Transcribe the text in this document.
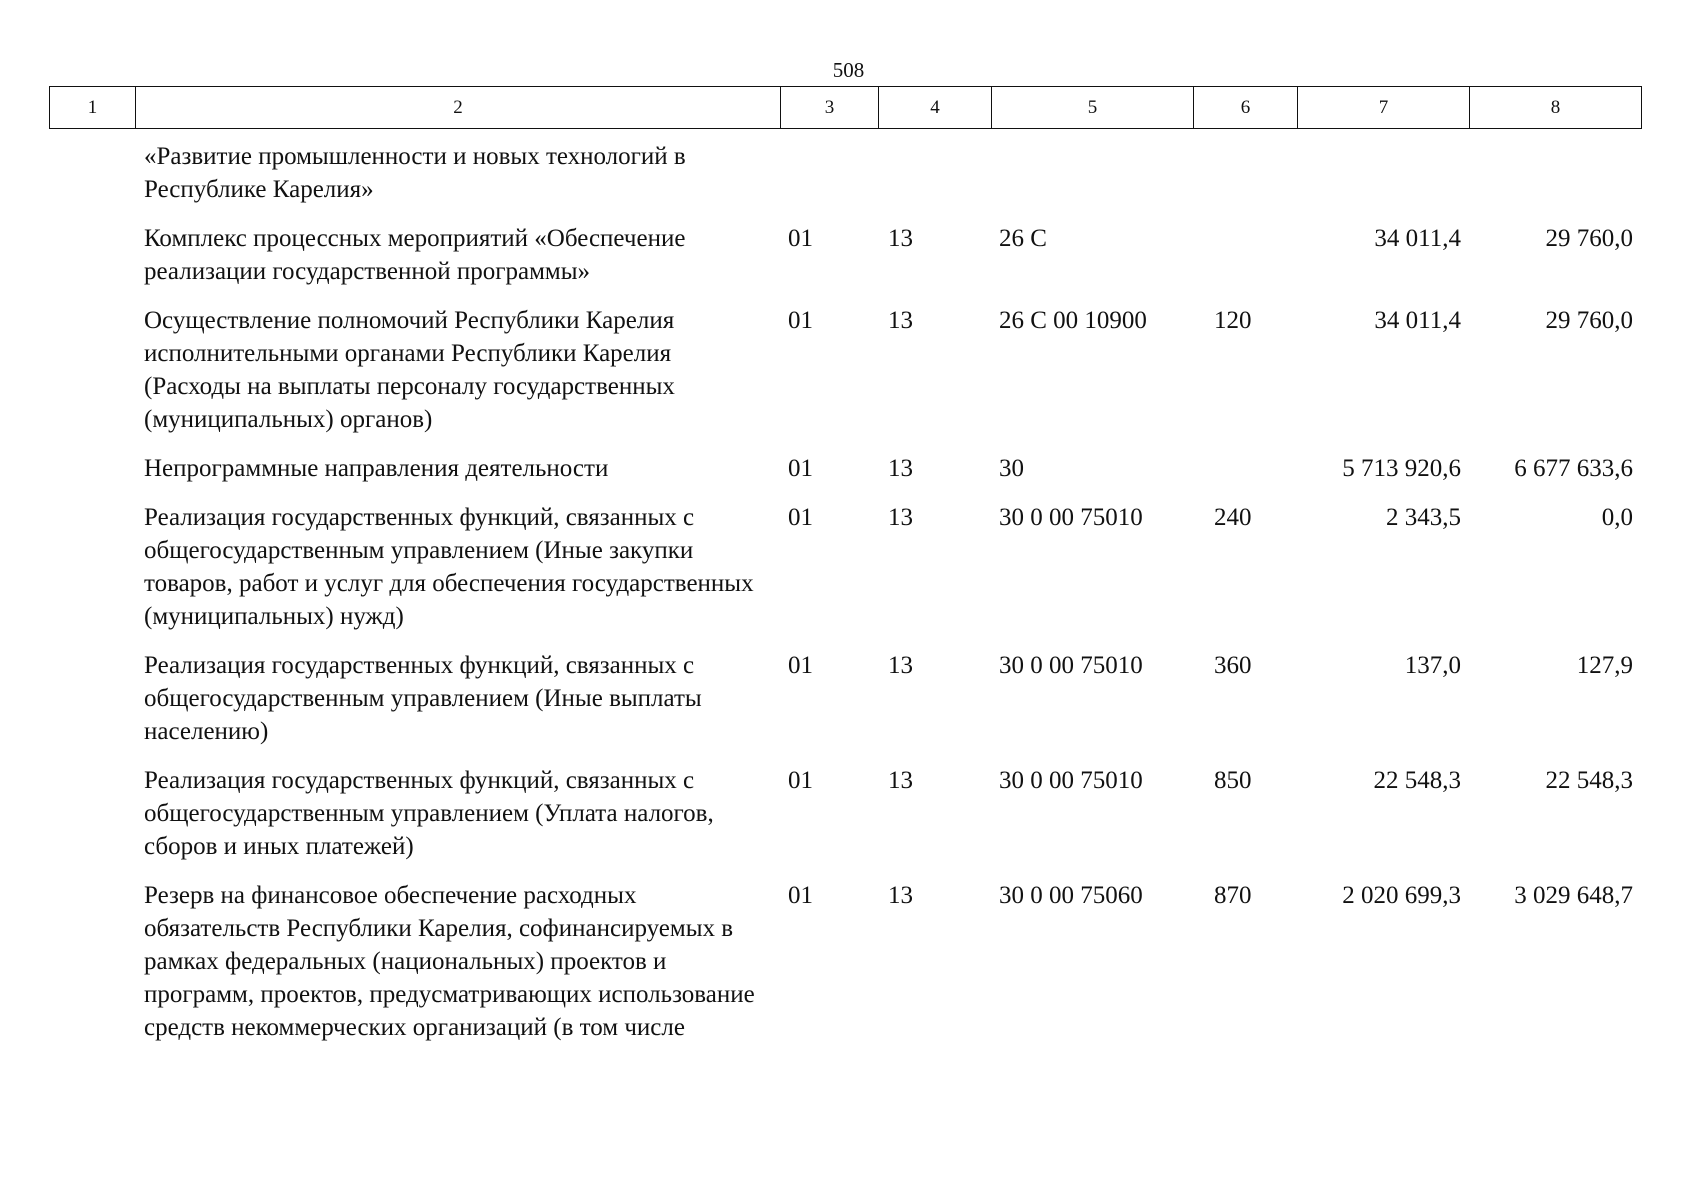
508
1	2	3	4	5	6	7	8
«Развитие промышленности и новых технологий в Республике Карелия»						
Комплекс процессных мероприятий «Обеспечение реализации государственной программы»	01	13	26 С		34 011,4	29 760,0
Осуществление полномочий Республики Карелия исполнительными органами Республики Карелия (Расходы на выплаты персоналу государственных (муниципальных) органов)	01	13	26 С 00 10900	120	34 011,4	29 760,0
Непрограммные направления деятельности	01	13	30		5 713 920,6	6 677 633,6
Реализация государственных функций, связанных с общегосударственным управлением (Иные закупки товаров, работ и услуг для обеспечения государственных (муниципальных) нужд)	01	13	30 0 00 75010	240	2 343,5	0,0
Реализация государственных функций, связанных с общегосударственным управлением (Иные выплаты населению)	01	13	30 0 00 75010	360	137,0	127,9
Реализация государственных функций, связанных с общегосударственным управлением (Уплата налогов, сборов и иных платежей)	01	13	30 0 00 75010	850	22 548,3	22 548,3
Резерв на финансовое обеспечение расходных обязательств Республики Карелия, софинансируемых в рамках федеральных (национальных) проектов и программ, проектов, предусматривающих использование средств некоммерческих организаций (в том числе	01	13	30 0 00 75060	870	2 020 699,3	3 029 648,7
